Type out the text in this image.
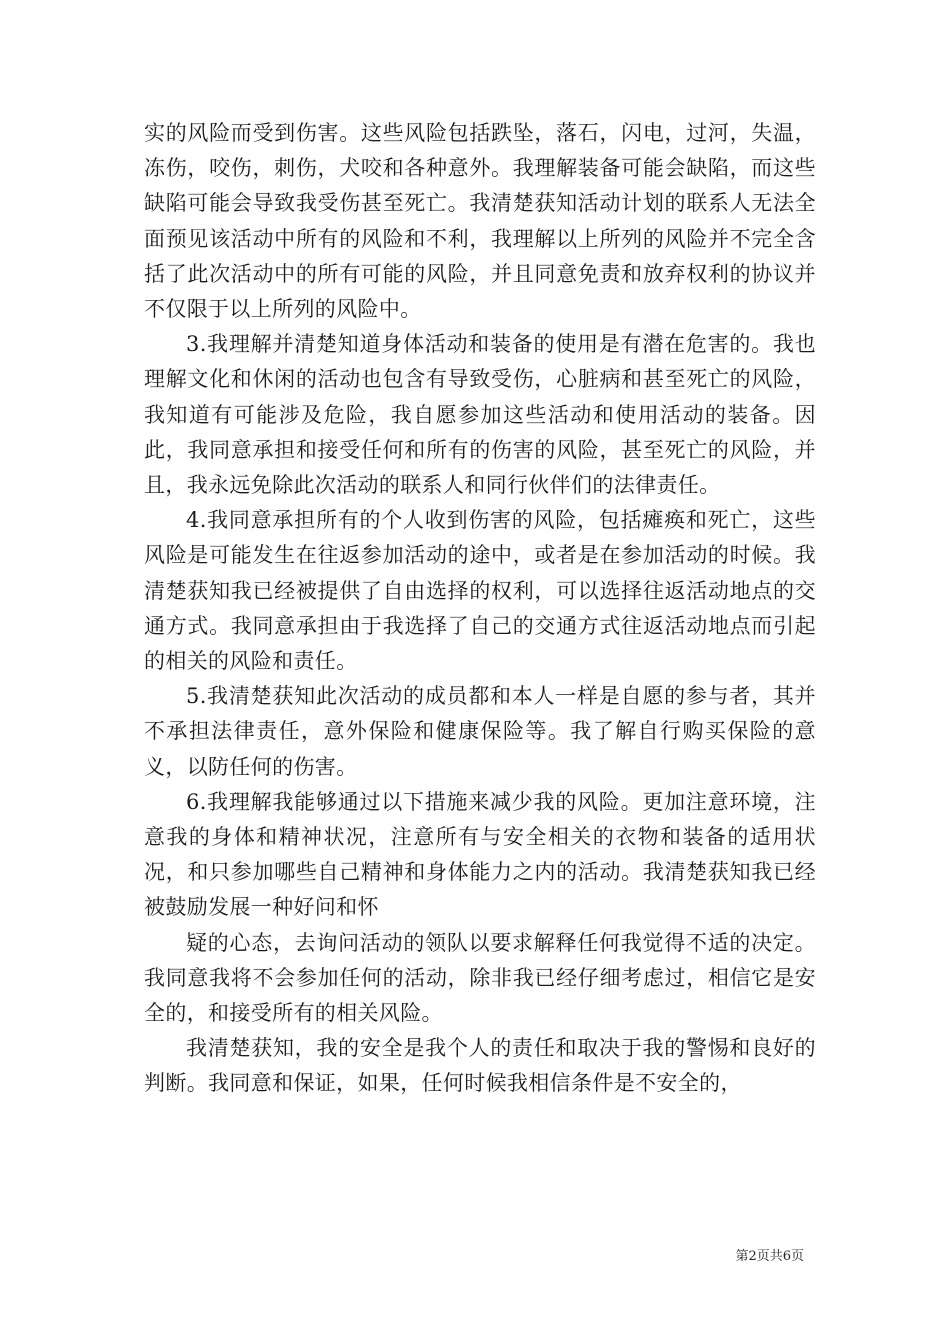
实的风险而受到伤害。这些风险包括跌坠，落石，闪电，过河，失温，冻伤，咬伤，刺伤，犬咬和各种意外。我理解装备可能会缺陷，而这些缺陷可能会导致我受伤甚至死亡。我清楚获知活动计划的联系人无法全面预见该活动中所有的风险和不利，我理解以上所列的风险并不完全含括了此次活动中的所有可能的风险，并且同意免责和放弃权利的协议并不仅限于以上所列的风险中。

3.我理解并清楚知道身体活动和装备的使用是有潜在危害的。我也理解文化和休闲的活动也包含有导致受伤，心脏病和甚至死亡的风险，我知道有可能涉及危险，我自愿参加这些活动和使用活动的装备。因此，我同意承担和接受任何和所有的伤害的风险，甚至死亡的风险，并且，我永远免除此次活动的联系人和同行伙伴们的法律责任。

4.我同意承担所有的个人收到伤害的风险，包括瘫痪和死亡，这些风险是可能发生在往返参加活动的途中，或者是在参加活动的时候。我清楚获知我已经被提供了自由选择的权利，可以选择往返活动地点的交通方式。我同意承担由于我选择了自己的交通方式往返活动地点而引起的相关的风险和责任。

5.我清楚获知此次活动的成员都和本人一样是自愿的参与者，其并不承担法律责任，意外保险和健康保险等。我了解自行购买保险的意义，以防任何的伤害。

6.我理解我能够通过以下措施来减少我的风险。更加注意环境，注意我的身体和精神状况，注意所有与安全相关的衣物和装备的适用状况，和只参加哪些自己精神和身体能力之内的活动。我清楚获知我已经被鼓励发展一种好问和怀

疑的心态，去询问活动的领队以要求解释任何我觉得不适的决定。我同意我将不会参加任何的活动，除非我已经仔细考虑过，相信它是安全的，和接受所有的相关风险。

我清楚获知，我的安全是我个人的责任和取决于我的警惕和良好的判断。我同意和保证，如果，任何时候我相信条件是不安全的，

第2页共6页
